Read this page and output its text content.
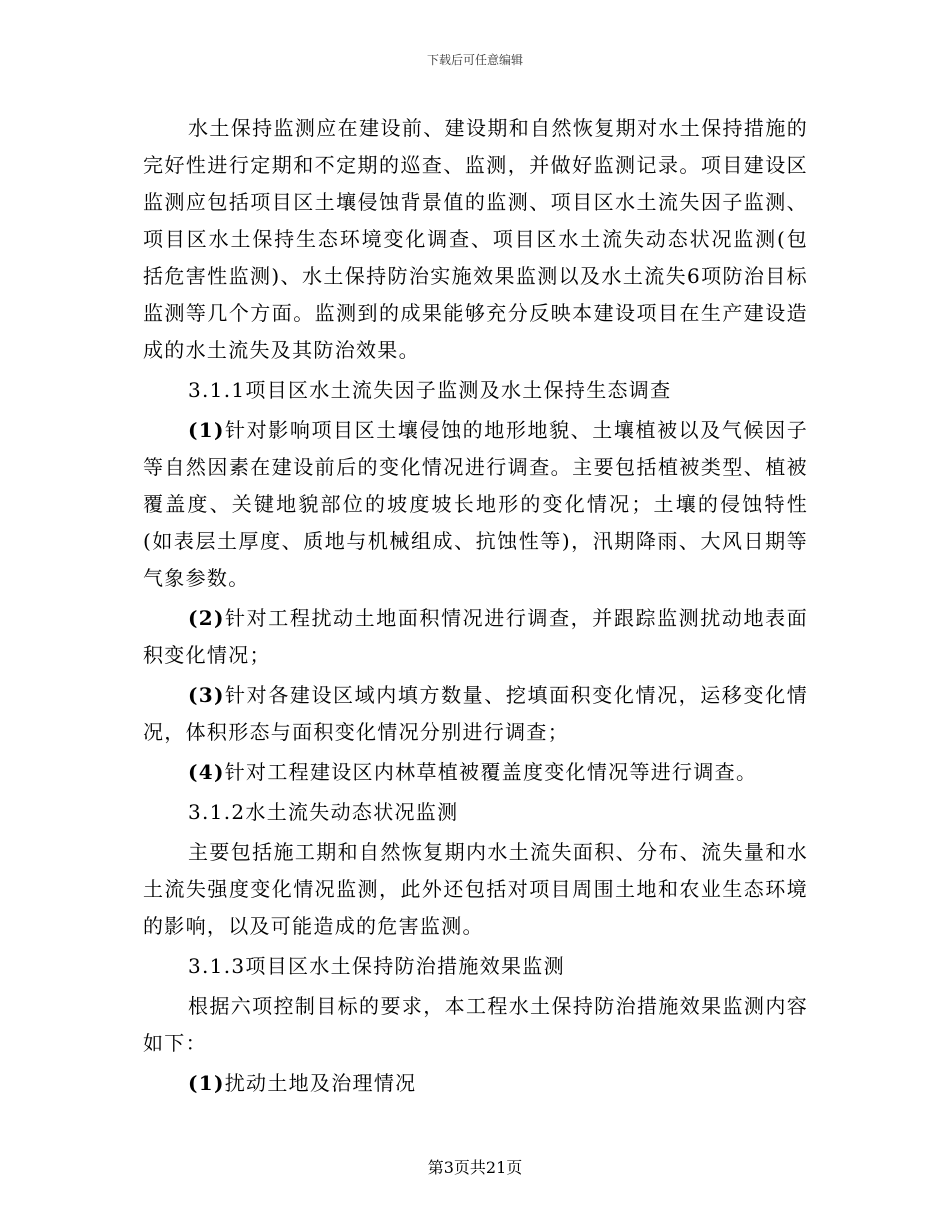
下载后可任意编辑

水土保持监测应在建设前、建设期和自然恢复期对水土保持措施的完好性进行定期和不定期的巡查、监测，并做好监测记录。项目建设区监测应包括项目区土壤侵蚀背景值的监测、项目区水土流失因子监测、项目区水土保持生态环境变化调查、项目区水土流失动态状况监测(包括危害性监测)、水土保持防治实施效果监测以及水土流失6项防治目标监测等几个方面。监测到的成果能够充分反映本建设项目在生产建设造成的水土流失及其防治效果。

3.1.1项目区水土流失因子监测及水土保持生态调查

(1)针对影响项目区土壤侵蚀的地形地貌、土壤植被以及气候因子等自然因素在建设前后的变化情况进行调查。主要包括植被类型、植被覆盖度、关键地貌部位的坡度坡长地形的变化情况；土壤的侵蚀特性(如表层土厚度、质地与机械组成、抗蚀性等)，汛期降雨、大风日期等气象参数。

(2)针对工程扰动土地面积情况进行调查，并跟踪监测扰动地表面积变化情况；

(3)针对各建设区域内填方数量、挖填面积变化情况，运移变化情况，体积形态与面积变化情况分别进行调查；

(4)针对工程建设区内林草植被覆盖度变化情况等进行调查。

3.1.2水土流失动态状况监测

主要包括施工期和自然恢复期内水土流失面积、分布、流失量和水土流失强度变化情况监测，此外还包括对项目周围土地和农业生态环境的影响，以及可能造成的危害监测。

3.1.3项目区水土保持防治措施效果监测

根据六项控制目标的要求，本工程水土保持防治措施效果监测内容如下：

(1)扰动土地及治理情况

第3页共21页
